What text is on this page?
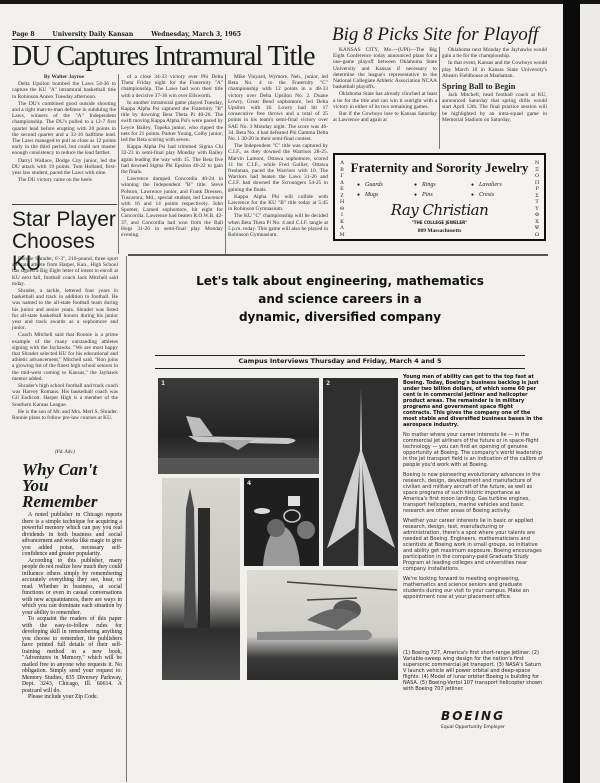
Page 8	University Daily Kansan	Wednesday, March 3, 1965
DU Captures Intramural Title

By Walter Jayroe

Delta Upsilon bombed the Laws 54-36 to capture the KU "A" intramural basketball title in Robinson Annex Tuesday afternoon.

The DU's combined good outside shooting and a tight man-to-man defense in subduing the Laws, winners of the "A" Independent championship. The DU's pulled to a 12-7 first quarter lead before erupting with 20 points in the second quarter and a 32-16 halftime lead. The Laws managed to pull as close as 12 points early in the third period, but could not muster enough consistency to reduce the lead farther.

Darryl Wallace, Dodge City junior, led the DU attack with 19 points. Tom Holland, first-year law student, paced the Laws with nine.

The DU victory came on the heels

of a close 34-33 victory over Phi Delta Theta Friday night for the Fraternity "A" championship. The Laws had won their title with a decisive 37-36 win over Ellsworth.

In another intramural game played Tuesday, Kappa Alpha Psi captured the Fraternity "B" title by downing Beta Theta Pi 40-26. The swift moving Kappa Alpha Psi's were paced by Leyce Bailey, Topeka junior, who ripped the nets for 21 points. Parker Young, Colby junior, led the Beta scoring with seven.

Kappa Alpha Psi had trimmed Sigma Chi 32-23 in semi-final play Monday with Bailey again leading the way with 15. The Beta five had downed Sigma Phi Epsilon 40-22 to gain the finals.

Lawrence dumped Concordia 40-24 in winning the Independent "B" title. Steve Polston, Lawrence junior, and Frank Dressen, Tuscarora, Md., special student, led Lawrence with 16 and 14 points respectively. John Spomer, Larned sophomore, hit eight for Concordia. Lawrence had beaten R.O.W.B. 42-37, and Concordia had won from the Ball Hogs 31-26 in semi-final play Monday evening.

Mike Vinyard, Wymore, Neb., junior, led Beta No. 4 to the Fraternity "C" championship with 12 points in a 48-33 victory over Delta Upsilon No. 2. Duane Lowry, Great Bend sophomore, led Delta Upsilon with 16. Lowry had hit 17 consecutive free throws and a total of 25 points in his team's semi-final victory over SAE No. 3 Monday night. The score was 46-34. Beta No. 4 had defeated Phi Gamma Delta No. 1 30-20 in their semi-final contest.

The Independent "C" title was captured by C.I.F., as they downed the Warriors 28-25. Marvin Lamont, Ottawa sophomore, scored 11 for C.I.F., while Fred Gollier, Ottawa freshman, paced the Warriors with 10. The Warriors had beaten the Laws 31-26 and C.I.F. had downed the Scroungers 54-25 in gaining the finals.

Kappa Alpha Phi will collide with Lawrence for the KU "B" title today at 5:45 in Robinson Gymnasium.

The KU "C" championship will be decided when Beta Theta Pi No. 4 and C.I.F. tangle at 5 p.m. today. This game will also be played in Robinson Gymnasium.

Star Player Chooses KU

Ronnie Shrader, 6'-3", 210-pound, three sport all-state athlete from Harper, Kan., High School has signed a Big Eight letter of intent to enroll at KU next fall, football coach Jack Mitchell said today.

Shrader, a tackle, lettered four years in basketball and track in addition to football. He was named to the all-state football team during his junior and senior years. Shrader was listed for all-state basketball honors during his junior year and track awards as a sophomore and junior.

Coach Mitchell said that Ronnie is a prime example of the many outstanding athletes signing with the Jayhawks. "We are most happy that Shrader selected KU for his educational and athletic advancement," Mitchell said. "Ron joins a growing list of the finest high school seniors in the mid-west coming to Kansas," the Jayhawk mentor added.

Shrader's high school football and track coach was Harvey Romans. His basketball coach was Gil Endicott. Harper High is a member of the Southern Kansas League.

He is the son of Mr. and Mrs. Merl S. Shrader. Ronnie plans to follow pre-law courses at KU.

(Pd. Adv.)

Why Can't You Remember

A noted publisher in Chicago reports there is a simple technique for acquiring a powerful memory which can pay you real dividends in both business and social advancement and works like magic to give you added poise, necessary self-confidence and greater popularity.

According to this publisher, many people do not realize how much they could influence others simply by remembering accurately everything they see, hear, or read. Whether in business, at social functions or even in casual conversations with new acquaintances, there are ways in which you can dominate each situation by your ability to remember.

To acquaint the readers of this paper with the easy-to-follow rules for developing skill in remembering anything you choose to remember, the publishers have printed full details of their self-training method in a new book, "Adventures in Memory," which will be mailed free to anyone who requests it. No obligation. Simply send your request to: Memory Studies, 835 Diversey Parkway, Dept. 3243, Chicago, Ill. 60614. A postcard will do.

Please include your Zip Code.

Big 8 Picks Site for Playoff

KANSAS CITY, Mo.—(UPI)—The Big Eight Conference today announced plans for a one-game playoff between Oklahoma State University and Kansas if necessary to determine the league's representative to the National Collegiate Athletic Association NCAA basketball playoffs.

Oklahoma State has already clinched at least a tie for the title and can win it outright with a victory in either of its two remaining games.

But if the Cowboys lose to Kansas Saturday at Lawrence and again at

Oklahoma next Monday the Jayhawks would gain a tie for the championship.

In that event, Kansas and the Cowboys would play March 10 in Kansas State University's Ahearn Fieldhouse at Manhattan.

Spring Ball to Begin

Jack Mitchell, head football coach at KU, announced Saturday that spring drills would start April 12th. The final practice session will be highlighted by an intra-squad game in Memorial Stadium on Saturday,

Α
Β
Γ
Δ
Ε
Ζ
Η
Θ
Ι
Κ
Λ
Μ
Ν
Ξ
Ο
Π
Ρ
Σ
Τ
Υ
Φ
Χ
Ψ
Ω
Fraternity and Sorority Jewelry
● Guards	● Rings	● Lavaliers
● Mugs	● Pins	● Crests
Ray Christian
"THE COLLEGE JEWELER"
809 Massachusetts
Let's talk about engineering, mathematics
and science careers in a
dynamic, diversified company
Campus Interviews Thursday and Friday, March 4 and 5
1	2
3	4
5

Young men of ability can get to the top fast at Boeing. Today, Boeing's business backlog is just under two billion dollars, of which some 60 per cent is in commercial jetliner and helicopter product areas. The remainder is in military programs and government space flight contracts. This gives the company one of the most stable and diversified business bases in the aerospace industry.

No matter where your career interests lie — in the commercial jet airliners of the future or in space-flight technology — you can find an opening of genuine opportunity at Boeing. The company's world leadership in the jet transport field is an indication of the calibre of people you'd work with at Boeing.

Boeing is now pioneering evolutionary advances in the research, design, development and manufacture of civilian and military aircraft of the future, as well as space programs of such historic importance as America's first moon landing. Gas turbine engines, transport helicopters, marine vehicles and basic research are other areas of Boeing activity.

Whether your career interests lie in basic or applied research, design, test, manufacturing or administration, there's a spot where your talents are needed at Boeing. Engineers, mathematicians and scientists at Boeing work in small groups, so initiative and ability get maximum exposure. Boeing encourages participation in the company-paid Graduate Study Program at leading colleges and universities near company installations.

We're looking forward to meeting engineering, mathematics and science seniors and graduate students during our visit to your campus. Make an appointment now at your placement office.

(1) Boeing 727, America's first short-range jetliner. (2) Variable-sweep wing design for the nation's first supersonic commercial jet transport. (3) NASA's Saturn V launch vehicle will power orbital and deep-space flights. (4) Model of lunar orbiter Boeing is building for NASA. (5) Boeing-Vertol 107 transport helicopter shown with Boeing 707 jetliner.
BOEING
Equal Opportunity Employer
